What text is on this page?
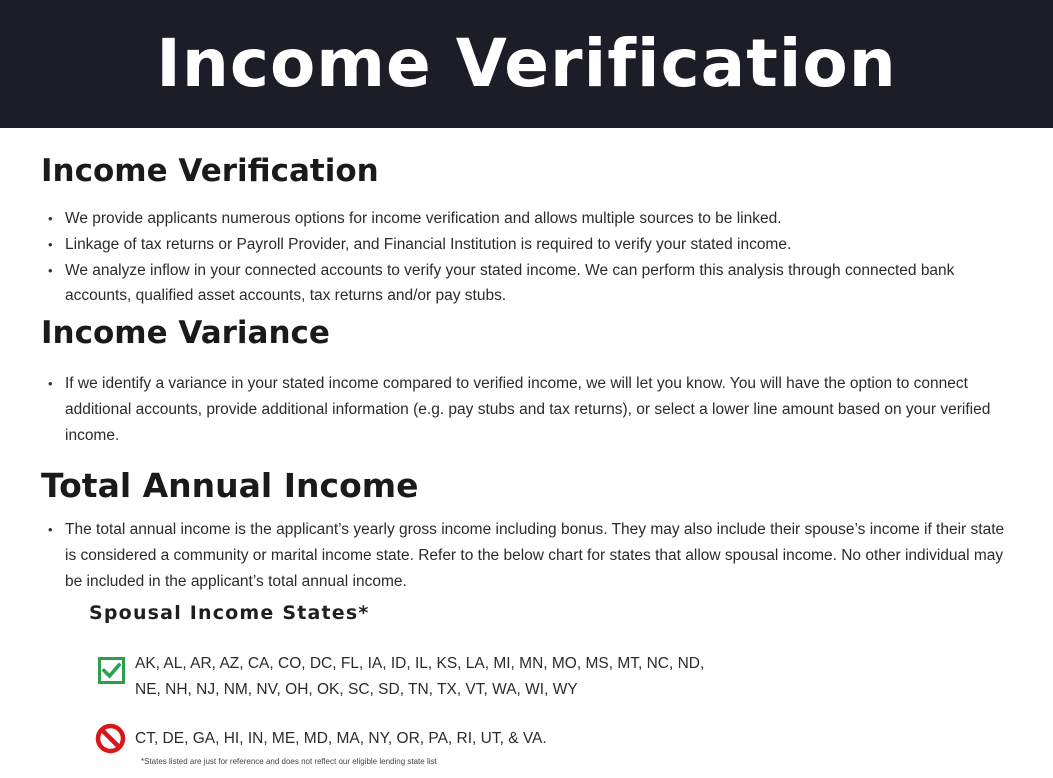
Income Verification
Income Verification
• We provide applicants numerous options for income verification and allows multiple sources to be linked.
• Linkage of tax returns or Payroll Provider, and Financial Institution is required to verify your stated income.
• We analyze inflow in your connected accounts to verify your stated income. We can perform this analysis through connected bank accounts, qualified asset accounts, tax returns and/or pay stubs.
Income Variance
• If we identify a variance in your stated income compared to verified income, we will let you know. You will have the option to connect additional accounts, provide additional information (e.g. pay stubs and tax returns), or select a lower line amount based on your verified income.
Total Annual Income
• The total annual income is the applicant’s yearly gross income including bonus. They may also include their spouse’s income if their state is considered a community or marital income state. Refer to the below chart for states that allow spousal income. No other individual may be included in the applicant’s total annual income.
Spousal Income States*
AK, AL, AR, AZ, CA, CO, DC, FL, IA, ID, IL, KS, LA, MI, MN, MO, MS, MT, NC, ND,
NE, NH, NJ, NM, NV, OH, OK, SC, SD, TN, TX, VT, WA, WI, WY
CT, DE, GA, HI, IN, ME, MD, MA, NY, OR, PA, RI, UT, & VA.
*States listed are just for reference and does not reflect our eligible lending state list
